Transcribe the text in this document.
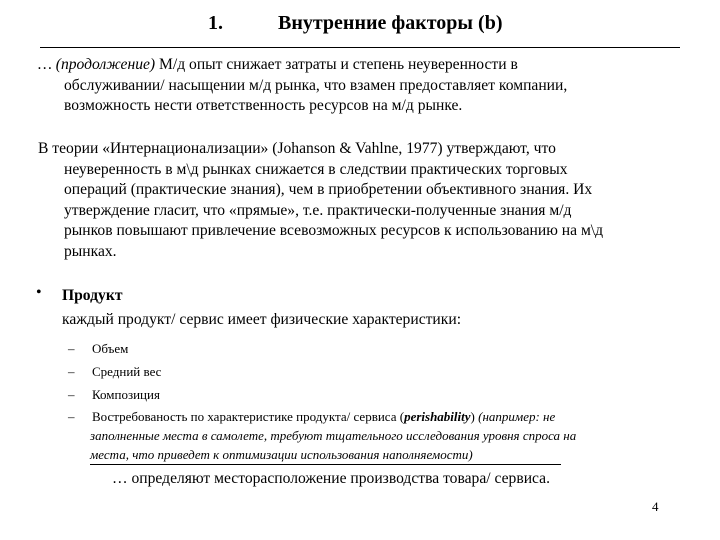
1.	Внутренние факторы (b)
… (продолжение) М/д опыт снижает затраты и степень неуверенности в
обслуживании/ насыщении м/д рынка, что взамен предоставляет компании,
возможность нести ответственность ресурсов на м/д рынке.
В теории «Интернационализации» (Johanson & Vahlne, 1977) утверждают, что
неуверенность в м\д рынках снижается в следствии практических торговых
операций (практические знания), чем в приобретении объективного знания. Их
утверждение гласит, что «прямые», т.е. практически-полученные знания м/д
рынков повышают привлечение всевозможных ресурсов к использованию на м\д
рынках.
• Продукт
каждый продукт/ сервис имеет физические характеристики:
– Объем
– Средний вес
– Композиция
– Востребованость по характеристике продукта/ сервиса (perishability) (например: не
заполненные места в самолете, требуют тщательного исследования уровня спроса на
места, что приведет к оптимизации использования наполняемости)
… определяют месторасположение производства товара/ сервиса.
4
